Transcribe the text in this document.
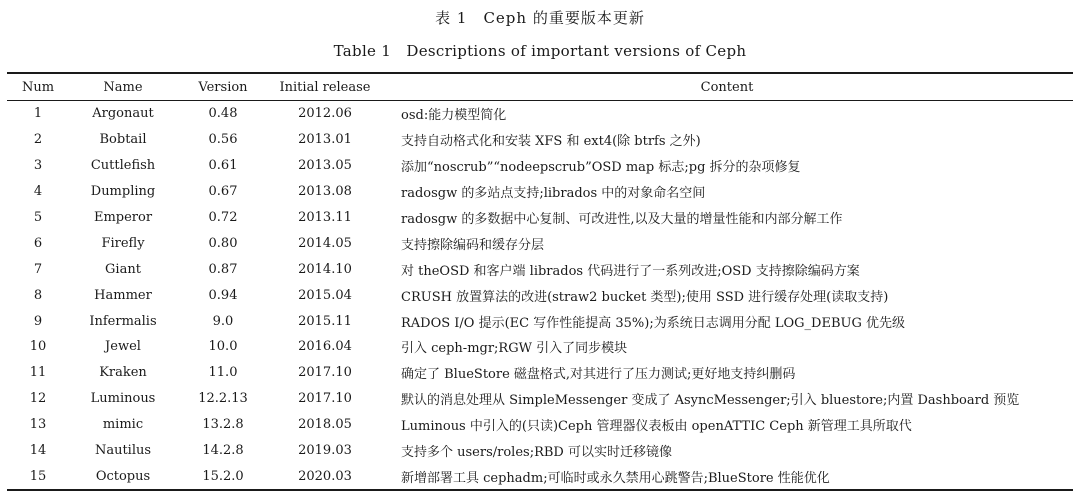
表 1　Ceph 的重要版本更新
Table 1　Descriptions of important versions of Ceph
Num	Name	Version	Initial release	Content
1	Argonaut	0.48	2012.06	osd:能力模型简化
2	Bobtail	0.56	2013.01	支持自动格式化和安装 XFS 和 ext4(除 btrfs 之外)
3	Cuttlefish	0.61	2013.05	添加“noscrub”“nodeepscrub”OSD map 标志;pg 拆分的杂项修复
4	Dumpling	0.67	2013.08	radosgw 的多站点支持;librados 中的对象命名空间
5	Emperor	0.72	2013.11	radosgw 的多数据中心复制、可改进性,以及大量的增量性能和内部分解工作
6	Firefly	0.80	2014.05	支持擦除编码和缓存分层
7	Giant	0.87	2014.10	对 theOSD 和客户端 librados 代码进行了一系列改进;OSD 支持擦除编码方案
8	Hammer	0.94	2015.04	CRUSH 放置算法的改进(straw2 bucket 类型);使用 SSD 进行缓存处理(读取支持)
9	Infermalis	9.0	2015.11	RADOS I/O 提示(EC 写作性能提高 35%);为系统日志调用分配 LOG_DEBUG 优先级
10	Jewel	10.0	2016.04	引入 ceph-mgr;RGW 引入了同步模块
11	Kraken	11.0	2017.10	确定了 BlueStore 磁盘格式,对其进行了压力测试;更好地支持纠删码
12	Luminous	12.2.13	2017.10	默认的消息处理从 SimpleMessenger 变成了 AsyncMessenger;引入 bluestore;内置 Dashboard 预览
13	mimic	13.2.8	2018.05	Luminous 中引入的(只读)Ceph 管理器仪表板由 openATTIC Ceph 新管理工具所取代
14	Nautilus	14.2.8	2019.03	支持多个 users/roles;RBD 可以实时迁移镜像
15	Octopus	15.2.0	2020.03	新增部署工具 cephadm;可临时或永久禁用心跳警告;BlueStore 性能优化
